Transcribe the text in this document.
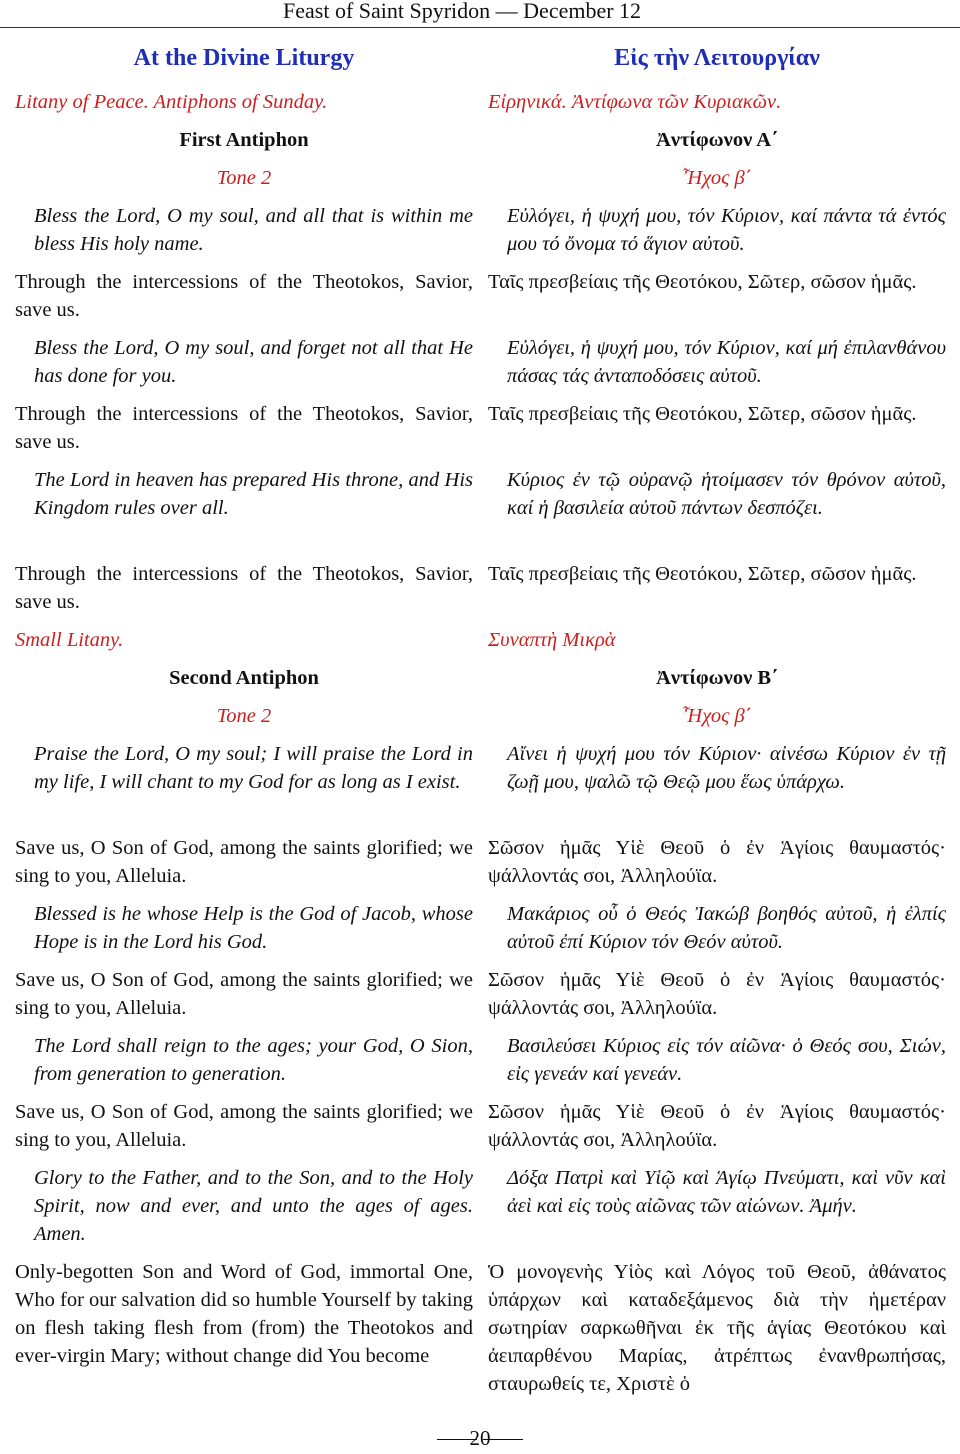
Feast of Saint Spyridon — December 12
At the Divine Liturgy
Litany of Peace. Antiphons of Sunday.
First Antiphon
Tone 2
Bless the Lord, O my soul, and all that is within me bless His holy name.
Through the intercessions of the Theotokos, Savior, save us.
Bless the Lord, O my soul, and forget not all that He has done for you.
Through the intercessions of the Theotokos, Savior, save us.
The Lord in heaven has prepared His throne, and His Kingdom rules over all.
Through the intercessions of the Theotokos, Savior, save us.
Small Litany.
Second Antiphon
Tone 2
Praise the Lord, O my soul; I will praise the Lord in my life, I will chant to my God for as long as I exist.
Save us, O Son of God, among the saints glorified; we sing to you, Alleluia.
Blessed is he whose Help is the God of Jacob, whose Hope is in the Lord his God.
Save us, O Son of God, among the saints glorified; we sing to you, Alleluia.
The Lord shall reign to the ages; your God, O Sion, from generation to generation.
Save us, O Son of God, among the saints glorified; we sing to you, Alleluia.
Glory to the Father, and to the Son, and to the Holy Spirit, now and ever, and unto the ages of ages. Amen.
Only-begotten Son and Word of God, immortal One, Who for our salvation did so humble Yourself by taking on flesh taking flesh from (from) the Theotokos and ever-virgin Mary; without change did You become
Εἰς τὴν Λειτουργίαν
Εἰρηνικά. Ἀντίφωνα τῶν Κυριακῶν.
Ἀντίφωνον Α΄
Ἦχος β΄
Εὐλόγει, ἡ ψυχή μου, τόν Κύριον, καί πάντα τά ἐντός μου τό ὄνομα τό ἅγιον αὐτοῦ.
Ταῖς πρεσβείαις τῆς Θεοτόκου, Σῶτερ, σῶσον ἡμᾶς.
Εὐλόγει, ἡ ψυχή μου, τόν Κύριον, καί μή ἐπιλανθάνου πάσας τάς ἀνταποδόσεις αὐτοῦ.
Ταῖς πρεσβείαις τῆς Θεοτόκου, Σῶτερ, σῶσον ἡμᾶς.
Κύριος ἐν τῷ οὐρανῷ ἡτοίμασεν τόν θρόνον αὐτοῦ, καί ἡ βασιλεία αὐτοῦ πάντων δεσπόζει.
Ταῖς πρεσβείαις τῆς Θεοτόκου, Σῶτερ, σῶσον ἡμᾶς.
Συναπτὴ Μικρὰ
Ἀντίφωνον Β΄
Ἦχος β΄
Αἴνει ἡ ψυχή μου τόν Κύριον· αἰνέσω Κύριον ἐν τῇ ζωῇ μου, ψαλῶ τῷ Θεῷ μου ἕως ὑπάρχω.
Σῶσον ἡμᾶς Υἱὲ Θεοῦ ὁ ἐν Ἁγίοις θαυμαστός· ψάλλοντάς σοι, Ἀλληλούϊα.
Μακάριος οὗ ὁ Θεός Ἰακώβ βοηθός αὐτοῦ, ἡ ἐλπίς αὐτοῦ ἐπί Κύριον τόν Θεόν αὐτοῦ.
Σῶσον ἡμᾶς Υἱὲ Θεοῦ ὁ ἐν Ἁγίοις θαυμαστός· ψάλλοντάς σοι, Ἀλληλούϊα.
Βασιλεύσει Κύριος εἰς τόν αἰῶνα· ὁ Θεός σου, Σιών, εἰς γενεάν καί γενεάν.
Σῶσον ἡμᾶς Υἱὲ Θεοῦ ὁ ἐν Ἁγίοις θαυμαστός· ψάλλοντάς σοι, Ἀλληλούϊα.
Δόξα Πατρὶ καὶ Υἱῷ καὶ Ἁγίῳ Πνεύματι, καὶ νῦν καὶ ἀεὶ καὶ εἰς τοὺς αἰῶνας τῶν αἰώνων. Ἀμήν.
Ὁ μονογενὴς Υἱὸς καὶ Λόγος τοῦ Θεοῦ, ἀθάνατος ὑπάρχων καὶ καταδεξάμενος διὰ τὴν ἡμετέραν σωτηρίαν σαρκωθῆναι ἐκ τῆς ἁγίας Θεοτόκου καὶ ἀειπαρθένου Μαρίας, ἀτρέπτως ἐνανθρωπήσας, σταυρωθείς τε, Χριστὲ ὁ
20
